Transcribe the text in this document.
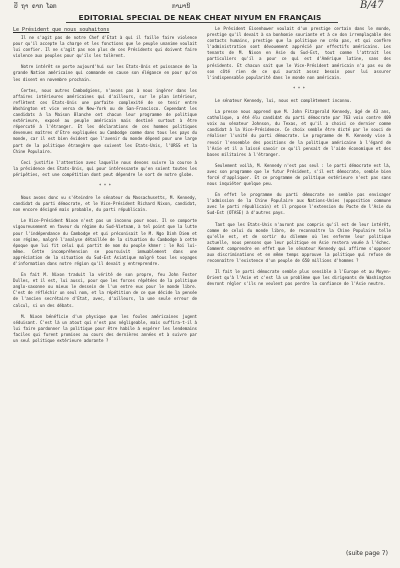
ປຶ ຖາ ຄາກ ໂລກ	ກາມານິ	B/47
EDITORIAL SPECIAL DE NEAK CHEAT NIYUM EN FRANÇAIS
Le Président que nous souhaitons

Il ne s'agit pas de notre Chef d'Etat à qui il faille faire violence pour qu'il accepte la charge et les fonctions que le peuple unanime voulait lui confier. Il ne s'agit pas non plus de ces Présidents qui doivent faire violence aux peuples pour qu'ils les tolèrent.

Notre intérêt se porte aujourd'hui sur les Etats-Unis et puissance de la grande Nation américaine qui commande en cause son élégance en pour qu'on les disent en novembre prochain.

Certes, nous autres Cambodgiens, n'avons pas à nous ingérer dans les affaires intérieures américaines qui d'ailleurs, sur le plan intérieur, reflètent ces Etats-Unis une parfaite complexité de se tenir entre Washington et vice versa de New-York ou de San-Francisco. Cependant les candidats à la Maison Blanche ont chacun leur programme de politique extérieure, exposé au peuple américain mais destiné surtout à être répercuté à l'étranger. Et les déclarations de ces hommes politiques devenues maîtres d'Etre expliquées au Cambodge comme dans tous les pays du monde, car il est bien évident que l'avenir du monde dépend pour une large part de la politique étrangère que suivent les Etats-Unis, l'URSS et la Chine Populaire.

Ceci justifie l'attention avec laquelle nous devons suivre la course à la présidence des Etats-Unis, qui pour intéressante qu'en soient toutes les péripéties, est une compétition dont peut dépendre le sort de notre globe.

* * *

Nous avons donc vu s'éteindre le sénateur du Massachusetts, M. Kennedy, candidat du parti démocrate, et le Vice-Président Richard Nixon, candidat, non encore désigné mais probable, du parti républicain.

Le Vice-Président Nixon n'est pas un inconnu pour nous. Il se comporte vigoureusement en faveur du régime du Sud-Vietnam, à tel point que la lutte pour l'indépendance du Cambodge et qui préconisait le M. Ngo Dinh Diem et son régime, malgré l'analyse détaillée de la situation du Cambodge à cette époque que lui fit celui qui partit de nom du peuple khmer : le Roi lui-même. Cette incompréhension se poursuivit immuablement dans une appréciation de la situation du Sud-Est Asiatique malgré tous les voyages d'information dans notre région qu'il devait y entreprendre.

En fait M. Nixon traduit la vérité de son propre, feu John Foster Dulles, et il est, lui aussi, pour que les forces répétées de la politique anglo-saxonne ou mieux le dessein de l'un entre eux pour le monde libre. C'est de réfléchir un seul nom, et la répétition de ce que décide la pensée de l'ancien secrétaire d'Etat, avec, d'ailleurs, la une seule erreur de calcul, si un des débats.

M. Nixon bénéficie d'un physique que les foules américaines jugent séduisant. C'est là un atout qui n'est pas négligeable, mais suffira-t-il à lui faire pardonner la politique pour être habile à espérer les lendemains faciles qui furent promises au cours des dernières années et à suivre par un seul politique extérieure adorante ?

Le Président Eisenhower voulait d'un prestige certain dans le monde, prestige qu'il devait à sa bonhomie souriante et à ce don irremplaçable des contacts humains, prestige que la politique ne créa pas, et qui confère l'administration sont dévouement apprécié par effectifs américains. Les tenants de M. Nixon en Asie du Sud-Est, tout comme l'attrait les particuliers qu'il a pour ce qui est d'Amérique latine, sans des présidents. Et chacun sait que le Vice-Président américain n'a pas eu de son côté rien de ce qui aurait assez besoin pour lui assurer l'indispensable popularité dans le monde non américain.

* * *

Le sénateur Kennedy, lui, nous est complètement inconnu.

La presse nous apprend que M. John Fitzgerald Kennedy, âgé de 43 ans, catholique, a été élu candidat du parti démocrate par 763 voix contre 409 voix au sénateur Johnson, du Texas, et qu'il a choisi ce dernier comme candidat à la Vice-Présidence. Ce choix semble être dicté par le souci de réaliser l'unité du parti démocrate. Le programme de M. Kennedy vise à revoir l'ensemble des positions de la politique américaine à l'égard de l'Asie et il a laissé savoir ce qu'il pensait de l'aide économique et des bases militaires à l'étranger.

Seulement voilà, M. Kennedy n'est pas seul : le parti démocrate est là, avec son programme que le futur Président, s'il est démocrate, semble bien forcé d'appliquer. Et ce programme de politique extérieure n'est pas sans nous inquiéter quelque peu.

En effet le programme du parti démocrate ne semble pas envisager l'admission de la Chine Populaire aux Nations-Unies (opposition commune avec le parti républicain) et il propose l'extension du Pacte de l'Asie du Sud-Est (OTASE) à d'autres pays.

Tant que les Etats-Unis n'auront pas compris qu'il est de leur intérêt, comme de celui du monde libre, de reconnaître la Chine Populaire telle qu'elle est, et de sortir du dilemme où les enferme leur politique actuelle, nous pensons que leur politique en Asie restera vouée à l'échec. Comment comprendre en effet que le sénateur Kennedy qui affirme s'opposer aux discriminations et en même temps approuve la politique qui refuse de reconnaître l'existence d'un peuple de 650 millions d'hommes ?

Il fait le parti démocrate semble plus sensible à l'Europe et au Moyen-Orient qu'à l'Asie et c'est là un problème que les dirigeants de Washington devront régler s'ils ne veulent pas perdre la confiance de l'Asie neutre.

(suite page 7)
